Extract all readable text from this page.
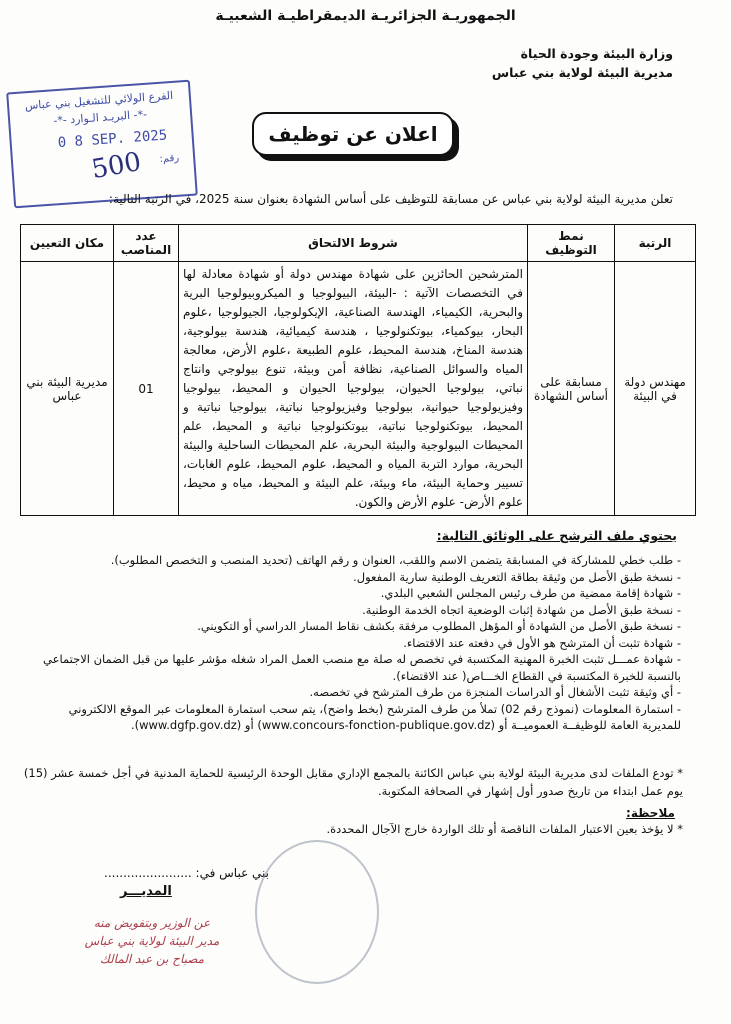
الجمهوريـة الجزائريـة الديمقراطيـة الشعبيـة
وزارة البيئة وجودة الحياة
مديرية البيئة لولاية بني عباس
الفرع الولائي للتشغيل بني عباس
-*- البريـد الـوارد -*-
0 8 SEP. 2025
رقم:
500
اعلان عن توظيف
تعلن مديرية البيئة لولاية بني عباس عن مسابقة للتوظيف على أساس الشهادة بعنوان سنة 2025، في الرتبة التالية:
الرتبة	نمط التوظيف	شروط الالتحاق	عدد المناصب	مكان التعيين
مهندس دولة في البيئة	مسابقة على أساس الشهادة	المترشحين الحائزين على شهادة مهندس دولة أو شهادة معادلة لها في التخصصات الآتية : -البيئة، البيولوجيا و الميكروبيولوجيا البرية والبحرية، الكيمياء، الهندسة الصناعية، الإيكولوجيا، الجيولوجيا ،علوم البحار، بيوكمياء، بيوتكنولوجيا ، هندسة كيميائية، هندسة بيولوجية، هندسة المناخ، هندسة المحيط، علوم الطبيعة ،علوم الأرض، معالجة المياه والسوائل الصناعية، نظافة أمن وبيئة، تنوع بيولوجي وانتاج نباتي، بيولوجيا الحيوان، بيولوجيا الحيوان و المحيط، بيولوجيا وفيزيولوجيا حيوانية، بيولوجيا وفيزيولوجيا نباتية، بيولوجيا نباتية و المحيط، بيوتكنولوجيا نباتية، بيوتكنولوجيا نباتية و المحيط، علم المحيطات البيولوجية والبيئة البحرية، علم المحيطات الساحلية والبيئة البحرية، موارد التربة المياه و المحيط، علوم المحيط، علوم الغابات، تسيير وحماية البيئة، ماء وبيئة، علم البيئة و المحيط، مياه و محيط، علوم الأرض- علوم الأرض والكون.	01	مديرية البيئة بني عباس
يحتوي ملف الترشح على الوثائق التالية:
- طلب خطي للمشاركة في المسابقة يتضمن الاسم واللقب، العنوان و رقم الهاتف (تحديد المنصب و التخصص المطلوب).
- نسخة طبق الأصل من وثيقة بطاقة التعريف الوطنية سارية المفعول.
- شهادة إقامة ممضية من طرف رئيس المجلس الشعبي البلدي.
- نسخة طبق الأصل من شهادة إثبات الوضعية اتجاه الخدمة الوطنية.
- نسخة طبق الأصل من الشهادة أو المؤهل المطلوب مرفقة بكشف نقاط المسار الدراسي أو التكويني.
- شهادة تثبت أن المترشح هو الأول في دفعته عند الاقتضاء.
- شهادة عمـــل تثبت الخبرة المهنية المكتسبة في تخصص له صلة مع منصب العمل المراد شغله مؤشر عليها من قبل الضمان الاجتماعي بالنسبة للخبرة المكتسبة في القطاع الخـــاص( عند الاقتضاء).
- أي وثيقة تثبت الأشغال أو الدراسات المنجزة من طرف المترشح في تخصصه.
- استمارة المعلومات (نموذج رقم 02) تملأ من طرف المترشح (بخط واضح)، يتم سحب استمارة المعلومات عبر الموقع الالكتروني للمديرية العامة للوظيفــة العموميــة أو (www.concours-fonction-publique.gov.dz) أو (www.dgfp.gov.dz).
* تودع الملفات لدى مديرية البيئة لولاية بني عباس الكائنة بالمجمع الإداري مقابل الوحدة الرئيسية للحماية المدنية في أجل خمسة عشر (15) يوم عمل ابتداء من تاريخ صدور أول إشهار في الصحافة المكتوبة.
ملاحظة:
* لا يؤخذ بعين الاعتبار الملفات الناقصة أو تلك الواردة خارج الآجال المحددة.
بني عباس في: .......................
المديـــر
عن الوزير وبتفويض منه
مدير البيئة لولاية بني عباس
مصباح بن عبد المالك
